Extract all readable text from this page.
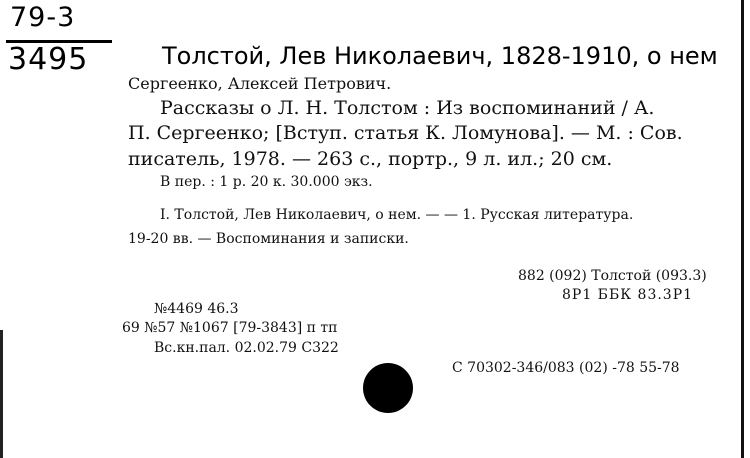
79-3
3495	Толстой, Лев Николаевич, 1828-1910, о нем
Сергеенко, Алексей Петрович.
Рассказы о Л. Н. Толстом : Из воспоминаний / А.
П. Сергеенко; [Вступ. статья К. Ломунова]. — М. : Сов.
писатель, 1978. — 263 с., портр., 9 л. ил.; 20 см.
В пер. : 1 р. 20 к. 30.000 экз.
I. Толстой, Лев Николаевич, о нем. — — 1. Русская литература.
19-20 вв. — Воспоминания и записки.
882 (092) Толстой (093.3)
8Р1 ББК 83.3Р1
№4469 46.3
69 №57 №1067 [79-3843] п тп
Вс.кн.пал. 02.02.79 С322
С 70302-346/083 (02) -78 55-78
